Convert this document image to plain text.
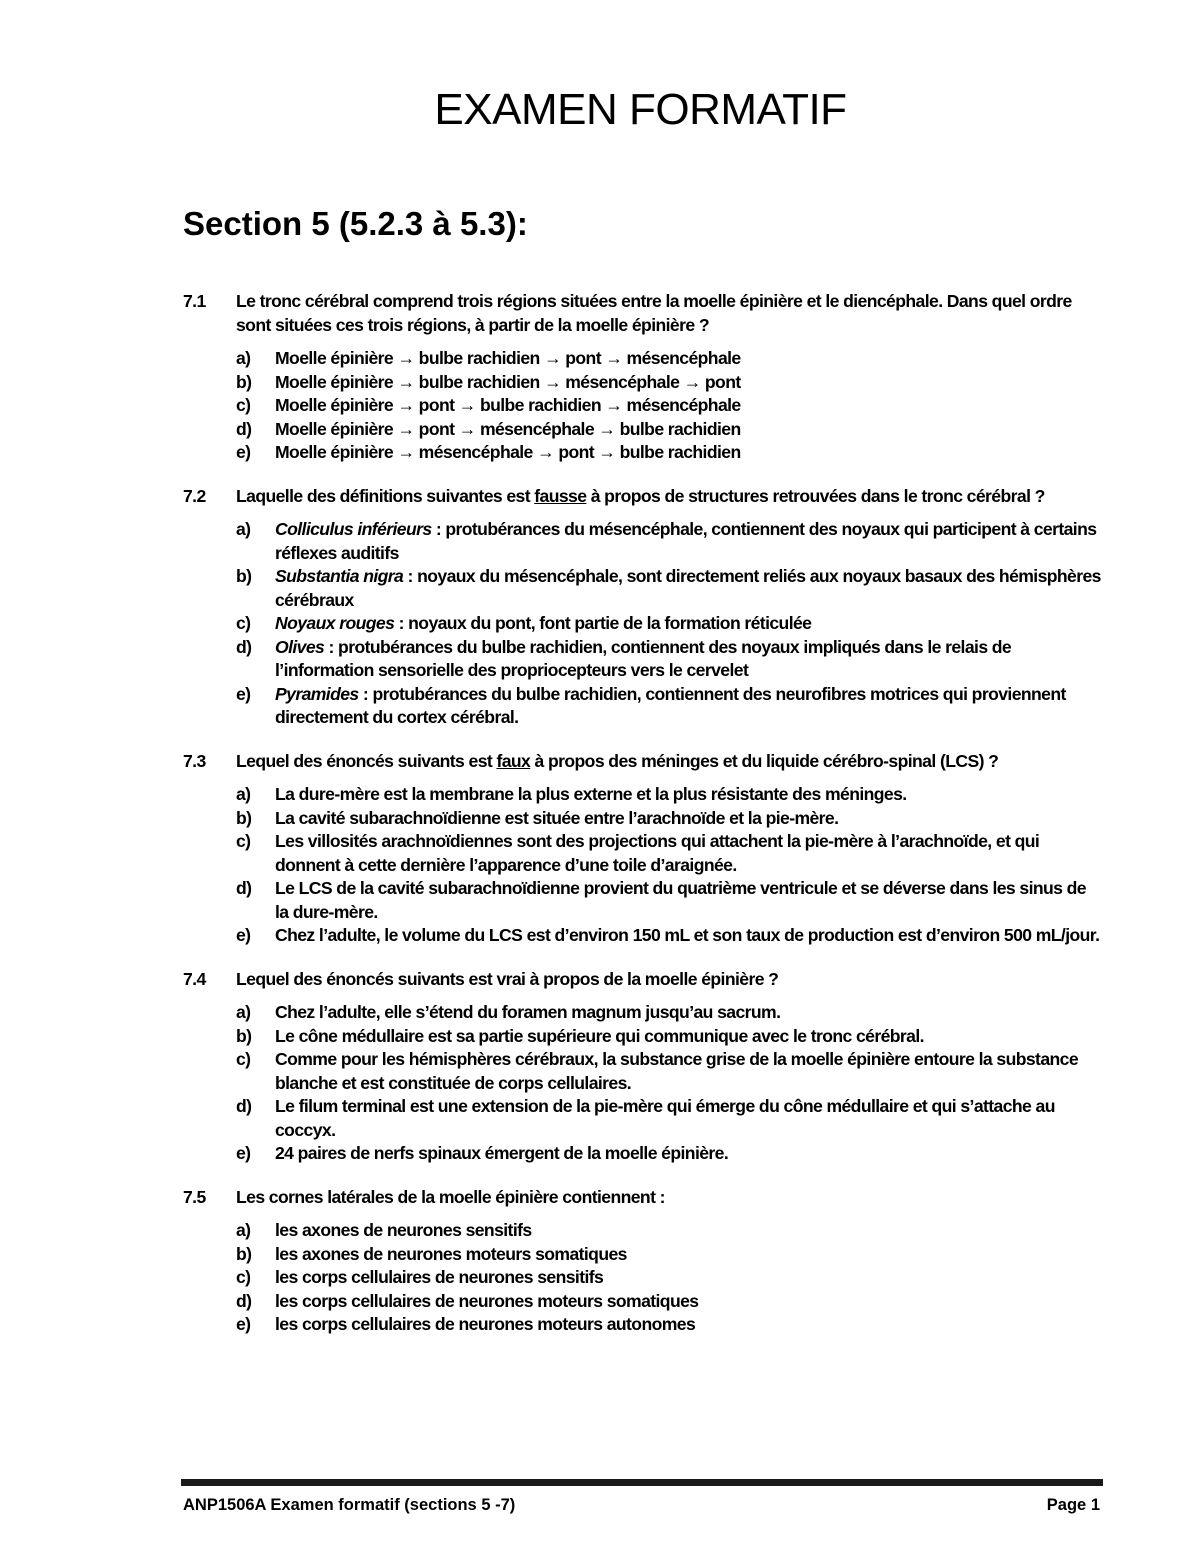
EXAMEN FORMATIF
Section 5 (5.2.3 à 5.3):
7.1	Le tronc cérébral comprend trois régions situées entre la moelle épinière et le diencéphale. Dans quel ordre sont situées ces trois régions, à partir de la moelle épinière ?
a)	Moelle épinière → bulbe rachidien → pont → mésencéphale
b)	Moelle épinière → bulbe rachidien → mésencéphale → pont
c)	Moelle épinière → pont → bulbe rachidien → mésencéphale
d)	Moelle épinière → pont → mésencéphale → bulbe rachidien
e)	Moelle épinière → mésencéphale → pont → bulbe rachidien
7.2	Laquelle des définitions suivantes est fausse à propos de structures retrouvées dans le tronc cérébral ?
a)	Colliculus inférieurs : protubérances du mésencéphale, contiennent des noyaux qui participent à certains réflexes auditifs
b)	Substantia nigra : noyaux du mésencéphale, sont directement reliés aux noyaux basaux des hémisphères cérébraux
c)	Noyaux rouges : noyaux du pont, font partie de la formation réticulée
d)	Olives : protubérances du bulbe rachidien, contiennent des noyaux impliqués dans le relais de l’information sensorielle des propriocepteurs vers le cervelet
e)	Pyramides : protubérances du bulbe rachidien, contiennent des neurofibres motrices qui proviennent directement du cortex cérébral.
7.3	Lequel des énoncés suivants est faux à propos des méninges et du liquide cérébro-spinal (LCS) ?
a)	La dure-mère est la membrane la plus externe et la plus résistante des méninges.
b)	La cavité subarachnoïdienne est située entre l’arachnoïde et la pie-mère.
c)	Les villosités arachnoïdiennes sont des projections qui attachent la pie-mère à l’arachnoïde, et qui donnent à cette dernière l’apparence d’une toile d’araignée.
d)	Le LCS de la cavité subarachnoïdienne provient du quatrième ventricule et se déverse dans les sinus de la dure-mère.
e)	Chez l’adulte, le volume du LCS est d’environ 150 mL et son taux de production est d’environ 500 mL/jour.
7.4	Lequel des énoncés suivants est vrai à propos de la moelle épinière ?
a)	Chez l’adulte, elle s’étend du foramen magnum jusqu’au sacrum.
b)	Le cône médullaire est sa partie supérieure qui communique avec le tronc cérébral.
c)	Comme pour les hémisphères cérébraux, la substance grise de la moelle épinière entoure la substance blanche et est constituée de corps cellulaires.
d)	Le filum terminal est une extension de la pie-mère qui émerge du cône médullaire et qui s’attache au coccyx.
e)	24 paires de nerfs spinaux émergent de la moelle épinière.
7.5	Les cornes latérales de la moelle épinière contiennent :
a)	les axones de neurones sensitifs
b)	les axones de neurones moteurs somatiques
c)	les corps cellulaires de neurones sensitifs
d)	les corps cellulaires de neurones moteurs somatiques
e)	les corps cellulaires de neurones moteurs autonomes
ANP1506A Examen formatif (sections 5 -7)	Page 1
